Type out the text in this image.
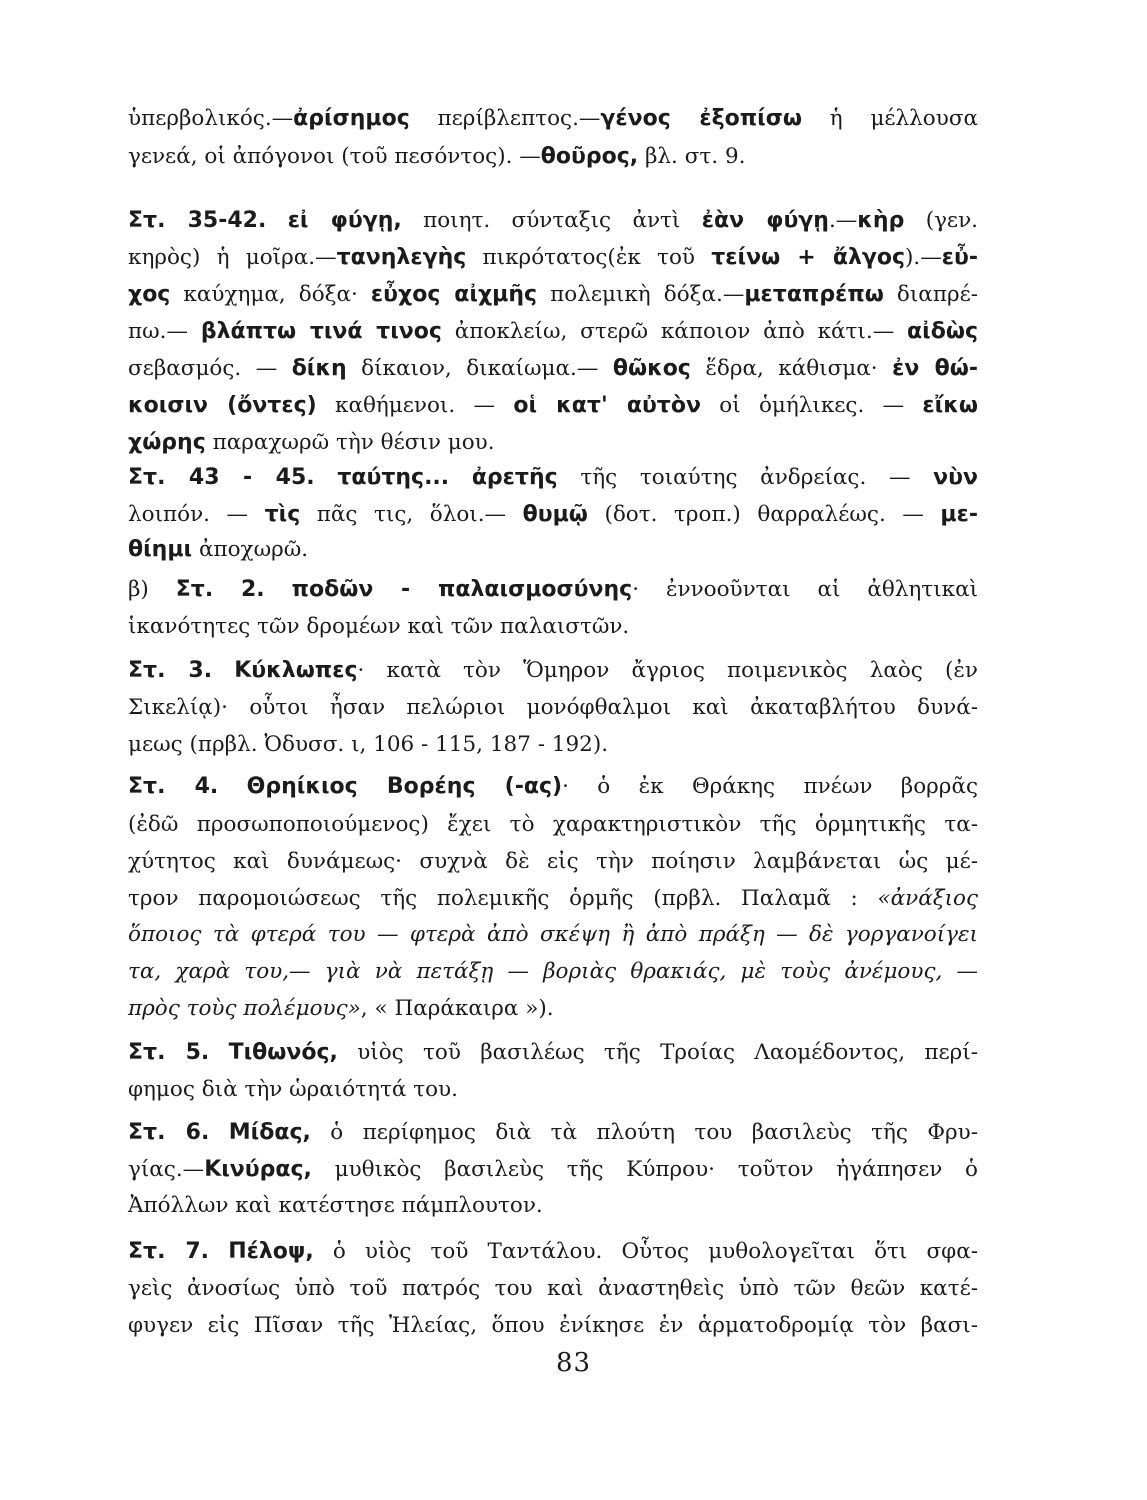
ὑπερβολικός.—ἀρίσημος περίβλεπτος.—γένος ἐξοπίσω ἡ μέλλουσα
γενεά, οἱ ἀπόγονοι (τοῦ πεσόντος). —θοῦρος, βλ. στ. 9.
Στ. 35-42. εἰ φύγῃ, ποιητ. σύνταξις ἀντὶ ἐὰν φύγῃ.—κὴρ (γεν.
κηρὸς) ἡ μοῖρα.—τανηλεγὴς πικρότατος(ἐκ τοῦ τείνω + ἄλγος).—εὖ-
χος καύχημα, δόξα· εὖχος αἰχμῆς πολεμικὴ δόξα.—μεταπρέπω διαπρέ-
πω.— βλάπτω τινά τινος ἀποκλείω, στερῶ κάποιον ἀπὸ κάτι.— αἰδὼς
σεβασμός. — δίκη δίκαιον, δικαίωμα.— θῶκος ἕδρα, κάθισμα· ἐν θώ-
κοισιν (ὄντες) καθήμενοι. — οἱ κατ' αὐτὸν οἱ ὁμήλικες. — εἴκω
χώρης παραχωρῶ τὴν θέσιν μου.
Στ. 43 - 45. ταύτης... ἀρετῆς τῆς τοιαύτης ἀνδρείας. — νὺν
λοιπόν. — τὶς πᾶς τις, ὅλοι.— θυμῷ (δοτ. τροπ.) θαρραλέως. — με-
θίημι ἀποχωρῶ.
β) Στ. 2. ποδῶν - παλαισμοσύνης· ἐννοοῦνται αἱ ἀθλητικαὶ
ἱκανότητες τῶν δρομέων καὶ τῶν παλαιστῶν.
Στ. 3. Κύκλωπες· κατὰ τὸν Ὅμηρον ἄγριος ποιμενικὸς λαὸς (ἐν
Σικελίᾳ)· οὗτοι ἦσαν πελώριοι μονόφθαλμοι καὶ ἀκαταβλήτου δυνά-
μεως (πρβλ. Ὀδυσσ. ι, 106 - 115, 187 - 192).
Στ. 4. Θρηίκιος Βορέης (-ας)· ὁ ἐκ Θράκης πνέων βορρᾶς
(ἐδῶ προσωποποιούμενος) ἔχει τὸ χαρακτηριστικὸν τῆς ὁρμητικῆς τα-
χύτητος καὶ δυνάμεως· συχνὰ δὲ εἰς τὴν ποίησιν λαμβάνεται ὡς μέ-
τρον παρομοιώσεως τῆς πολεμικῆς ὁρμῆς (πρβλ. Παλαμᾶ : «ἀνάξιος
ὅποιος τὰ φτερά του — φτερὰ ἀπὸ σκέψη ἢ ἀπὸ πράξη — δὲ γοργανοίγει
τα, χαρὰ του,— γιὰ νὰ πετάξῃ — βοριὰς θρακιάς, μὲ τοὺς ἀνέμους, —
πρὸς τοὺς πολέμους», « Παράκαιρα »).
Στ. 5. Τιθωνός, υἱὸς τοῦ βασιλέως τῆς Τροίας Λαομέδοντος, περί-
φημος διὰ τὴν ὡραιότητά του.
Στ. 6. Μίδας, ὁ περίφημος διὰ τὰ πλούτη του βασιλεὺς τῆς Φρυ-
γίας.—Κινύρας, μυθικὸς βασιλεὺς τῆς Κύπρου· τοῦτον ἠγάπησεν ὁ
Ἀπόλλων καὶ κατέστησε πάμπλουτον.
Στ. 7. Πέλοψ, ὁ υἱὸς τοῦ Ταντάλου. Οὗτος μυθολογεῖται ὅτι σφα-
γεὶς ἀνοσίως ὑπὸ τοῦ πατρός του καὶ ἀναστηθεὶς ὑπὸ τῶν θεῶν κατέ-
φυγεν εἰς Πῖσαν τῆς Ἠλείας, ὅπου ἐνίκησε ἐν ἁρματοδρομίᾳ τὸν βασι-
83
